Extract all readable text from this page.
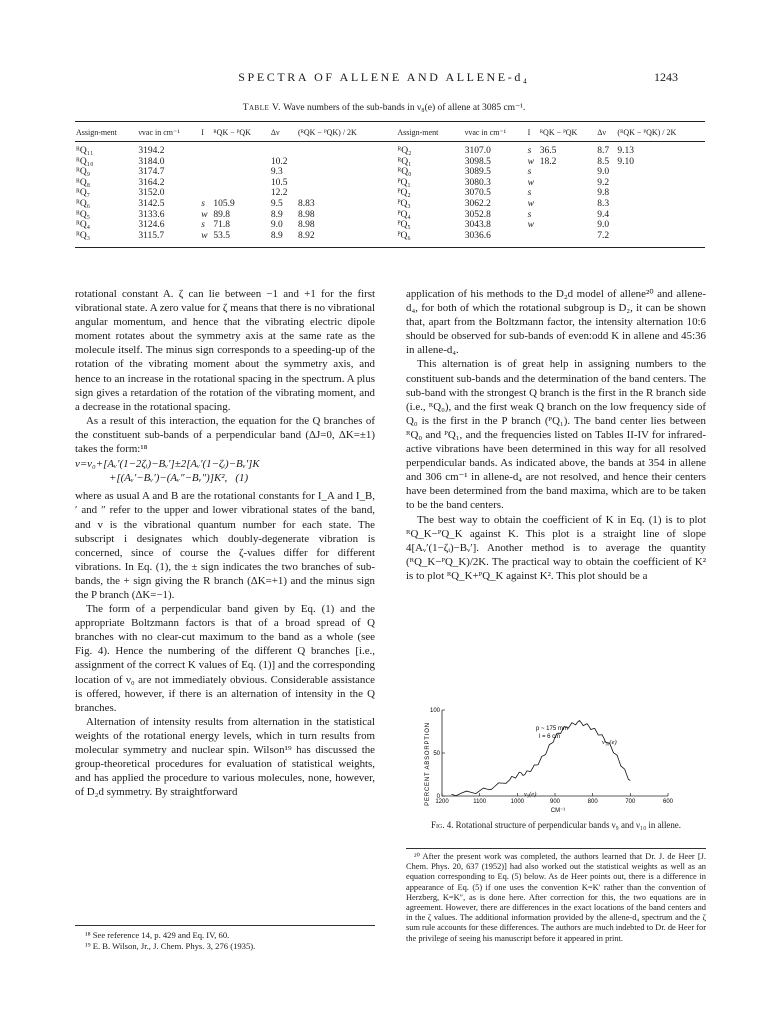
SPECTRA OF ALLENE AND ALLENE-d₄	1243
Table V. Wave numbers of the sub-bands in ν₈(e) of allene at 3085 cm⁻¹.
Assign-ment	νvac in cm⁻¹	I	ᴿQK − ᴾQK	Δν	(ᴿQK − ᴾQK) / 2K	Assign-ment	νvac in cm⁻¹	I	ᴿQK − ᴾQK	Δν	(ᴿQK − ᴾQK) / 2K
ᴿQ₁₁	3194.2					ᴿQ₂	3107.0	s	36.5	8.7	9.13
ᴿQ₁₀	3184.0			10.2		ᴿQ₁	3098.5	w	18.2	8.5	9.10
ᴿQ₉	3174.7			9.3		ᴿQ₀	3089.5	s		9.0	
ᴿQ₈	3164.2			10.5		ᴾQ₁	3080.3	w		9.2	
ᴿQ₇	3152.0			12.2		ᴾQ₂	3070.5	s		9.8	
ᴿQ₆	3142.5	s	105.9	9.5	8.83	ᴾQ₃	3062.2	w		8.3	
ᴿQ₅	3133.6	w	89.8	8.9	8.98	ᴾQ₄	3052.8	s		9.4	
ᴿQ₄	3124.6	s	71.8	9.0	8.98	ᴾQ₅	3043.8	w		9.0	
ᴿQ₃	3115.7	w	53.5	8.9	8.92	ᴾQ₆	3036.6			7.2	

rotational constant A. ζ can lie between −1 and +1 for the first vibrational state. A zero value for ζ means that there is no vibrational angular momentum, and hence that the vibrating electric dipole moment rotates about the symmetry axis at the same rate as the molecule itself. The minus sign corresponds to a speeding-up of the rotation of the vibrating moment about the symmetry axis, and hence to an increase in the rotational spacing in the spectrum. A plus sign gives a retardation of the rotation of the vibrating moment, and a decrease in the rotational spacing.

As a result of this interaction, the equation for the Q branches of the constituent sub-bands of a perpendicular band (ΔJ=0, ΔK=±1) takes the form:¹⁸

ν=ν₀+[Aᵥ′(1−2ζᵢ)−Bᵥ′]±2[Aᵥ′(1−ζᵢ)−Bᵥ′]K
+[(Aᵥ′−Bᵥ′)−(Aᵥ″−Bᵥ″)]K²,   (1)

where as usual A and B are the rotational constants for I_A and I_B, ′ and ″ refer to the upper and lower vibrational states of the band, and v is the vibrational quantum number for each state. The subscript i designates which doubly-degenerate vibration is concerned, since of course the ζ-values differ for different vibrations. In Eq. (1), the ± sign indicates the two branches of sub-bands, the + sign giving the R branch (ΔK=+1) and the minus sign the P branch (ΔK=−1).

The form of a perpendicular band given by Eq. (1) and the appropriate Boltzmann factors is that of a broad spread of Q branches with no clear-cut maximum to the band as a whole (see Fig. 4). Hence the numbering of the different Q branches [i.e., assignment of the correct K values of Eq. (1)] and the corresponding location of ν₀ are not immediately obvious. Considerable assistance is offered, however, if there is an alternation of intensity in the Q branches.

Alternation of intensity results from alternation in the statistical weights of the rotational energy levels, which in turn results from molecular symmetry and nuclear spin. Wilson¹⁹ has discussed the group-theoretical procedures for evaluation of statistical weights, and has applied the procedure to various molecules, none, however, of D₂d symmetry. By straightforward

¹⁸ See reference 14, p. 429 and Eq. IV, 60.
¹⁹ E. B. Wilson, Jr., J. Chem. Phys. 3, 276 (1935).

application of his methods to the D₂d model of allene²⁰ and allene-d₄, for both of which the rotational subgroup is D₂, it can be shown that, apart from the Boltzmann factor, the intensity alternation 10:6 should be observed for sub-bands of even:odd K in allene and 45:36 in allene-d₄.

This alternation is of great help in assigning numbers to the constituent sub-bands and the determination of the band centers. The sub-band with the strongest Q branch is the first in the R branch side (i.e., ᴿQ₀), and the first weak Q branch on the low frequency side of Q₀ is the first in the P branch (ᴾQ₁). The band center lies between ᴿQ₀ and ᴾQ₁, and the frequencies listed on Tables II-IV for infrared-active vibrations have been determined in this way for all resolved perpendicular bands. As indicated above, the bands at 354 in allene and 306 cm⁻¹ in allene-d₄ are not resolved, and hence their centers have been determined from the band maxima, which are to be taken to be the band centers.

The best way to obtain the coefficient of K in Eq. (1) is to plot ᴿQ_K−ᴾQ_K against K. This plot is a straight line of slope 4[Aᵥ′(1−ζᵢ)−Bᵥ′]. Another method is to average the quantity (ᴿQ_K−ᴾQ_K)/2K. The practical way to obtain the coefficient of K² is to plot ᴿQ_K+ᴾQ_K against K². This plot should be a

PERCENT ABSORPTION 1200	1100	1000	900	800	700	600
100
50
0
p ~ 175 mm
l = 6 cm
ν₁₀(e)
ν₉(e)
CM⁻¹
Fig. 4. Rotational structure of perpendicular bands ν₉ and ν₁₀ in allene.

²⁰ After the present work was completed, the authors learned that Dr. J. de Heer [J. Chem. Phys. 20, 637 (1952)] had also worked out the statistical weights as well as an equation corresponding to Eq. (5) below. As de Heer points out, there is a difference in appearance of Eq. (5) if one uses the convention K=K′ rather than the convention of Herzberg, K=K″, as is done here. After correction for this, the two equations are in agreement. However, there are differences in the exact locations of the band centers and in the ζ values. The additional information provided by the allene-d₄ spectrum and the ζ sum rule accounts for these differences. The authors are much indebted to Dr. de Heer for the privilege of seeing his manuscript before it appeared in print.
